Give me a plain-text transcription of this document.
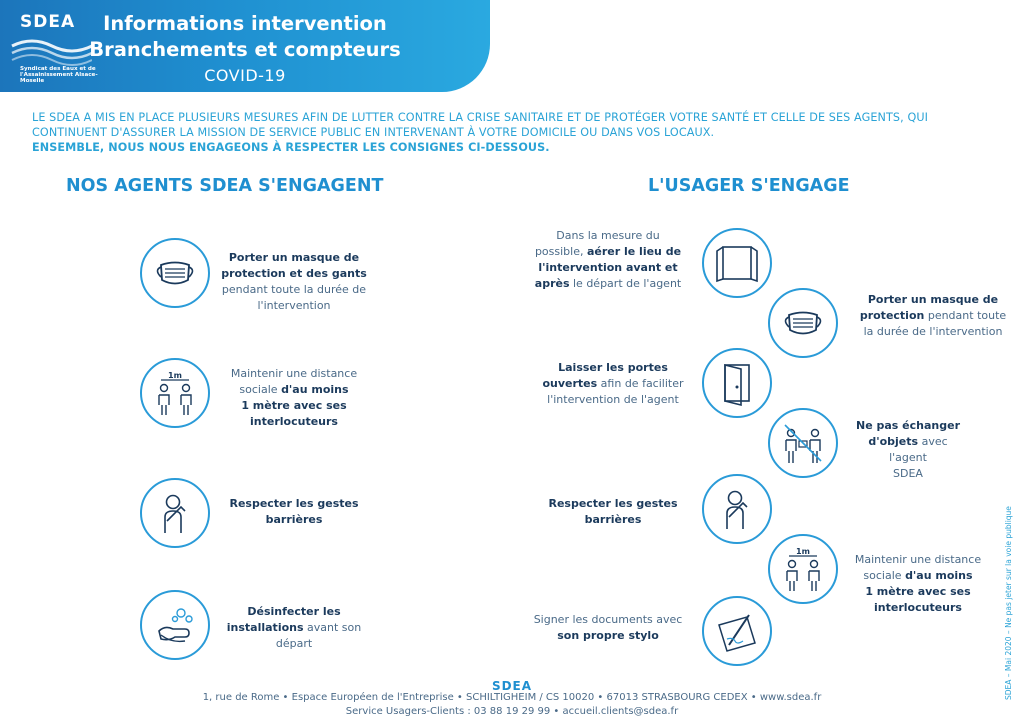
SDEA
Syndicat des Eaux et de l'Assainissement Alsace-Moselle
Informations intervention
Branchements et compteurs
COVID-19
LE SDEA A MIS EN PLACE PLUSIEURS MESURES AFIN DE LUTTER CONTRE LA CRISE SANITAIRE ET DE PROTÉGER VOTRE SANTÉ ET CELLE DE SES AGENTS, QUI
CONTINUENT D'ASSURER LA MISSION DE SERVICE PUBLIC EN INTERVENANT À VOTRE DOMICILE OU DANS VOS LOCAUX.
ENSEMBLE, NOUS NOUS ENGAGEONS À RESPECTER LES CONSIGNES CI-DESSOUS.
NOS AGENTS SDEA S'ENGAGENT
Porter un masque de
protection et des gants
pendant toute la durée de
l'intervention
1m	Maintenir une distance
sociale d'au moins
1 mètre avec ses
interlocuteurs
Respecter les gestes
barrières
Désinfecter les
installations avant son
départ
L'USAGER S'ENGAGE
Dans la mesure du
possible, aérer le lieu de
l'intervention avant et
après le départ de l'agent
Porter un masque de
protection pendant toute
la durée de l'intervention
Laisser les portes
ouvertes afin de faciliter
l'intervention de l'agent
Ne pas échanger
d'objets avec l'agent
SDEA
Respecter les gestes
barrières
1m
Maintenir une distance
sociale d'au moins
1 mètre avec ses
interlocuteurs
Signer les documents avec
son propre stylo
SDEA
1, rue de Rome • Espace Européen de l'Entreprise • SCHILTIGHEIM / CS 10020 • 67013 STRASBOURG CEDEX • www.sdea.fr
Service Usagers-Clients : 03 88 19 29 99 • accueil.clients@sdea.fr
SDEA – Mai 2020 – Ne pas jeter sur la voie publique
